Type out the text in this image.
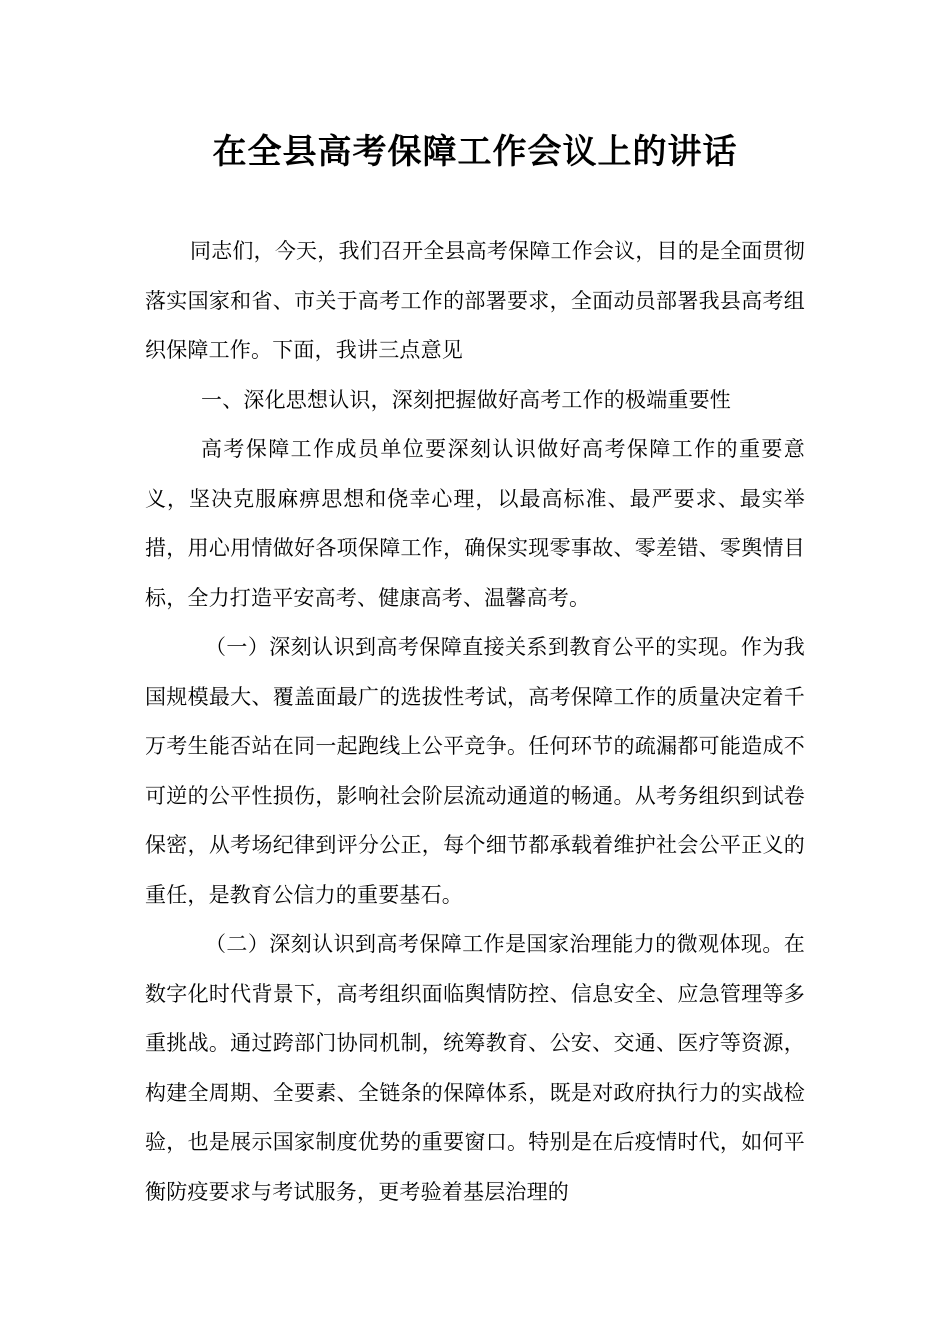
在全县高考保障工作会议上的讲话

同志们，今天，我们召开全县高考保障工作会议，目的是全面贯彻落实国家和省、市关于高考工作的部署要求，全面动员部署我县高考组织保障工作。下面，我讲三点意见

一、深化思想认识，深刻把握做好高考工作的极端重要性

高考保障工作成员单位要深刻认识做好高考保障工作的重要意义，坚决克服麻痹思想和侥幸心理，以最高标准、最严要求、最实举措，用心用情做好各项保障工作，确保实现零事故、零差错、零舆情目标，全力打造平安高考、健康高考、温馨高考。

（一）深刻认识到高考保障直接关系到教育公平的实现。作为我国规模最大、覆盖面最广的选拔性考试，高考保障工作的质量决定着千万考生能否站在同一起跑线上公平竞争。任何环节的疏漏都可能造成不可逆的公平性损伤，影响社会阶层流动通道的畅通。从考务组织到试卷保密，从考场纪律到评分公正，每个细节都承载着维护社会公平正义的重任，是教育公信力的重要基石。

（二）深刻认识到高考保障工作是国家治理能力的微观体现。在数字化时代背景下，高考组织面临舆情防控、信息安全、应急管理等多重挑战。通过跨部门协同机制，统筹教育、公安、交通、医疗等资源，构建全周期、全要素、全链条的保障体系，既是对政府执行力的实战检验，也是展示国家制度优势的重要窗口。特别是在后疫情时代，如何平衡防疫要求与考试服务，更考验着基层治理的
